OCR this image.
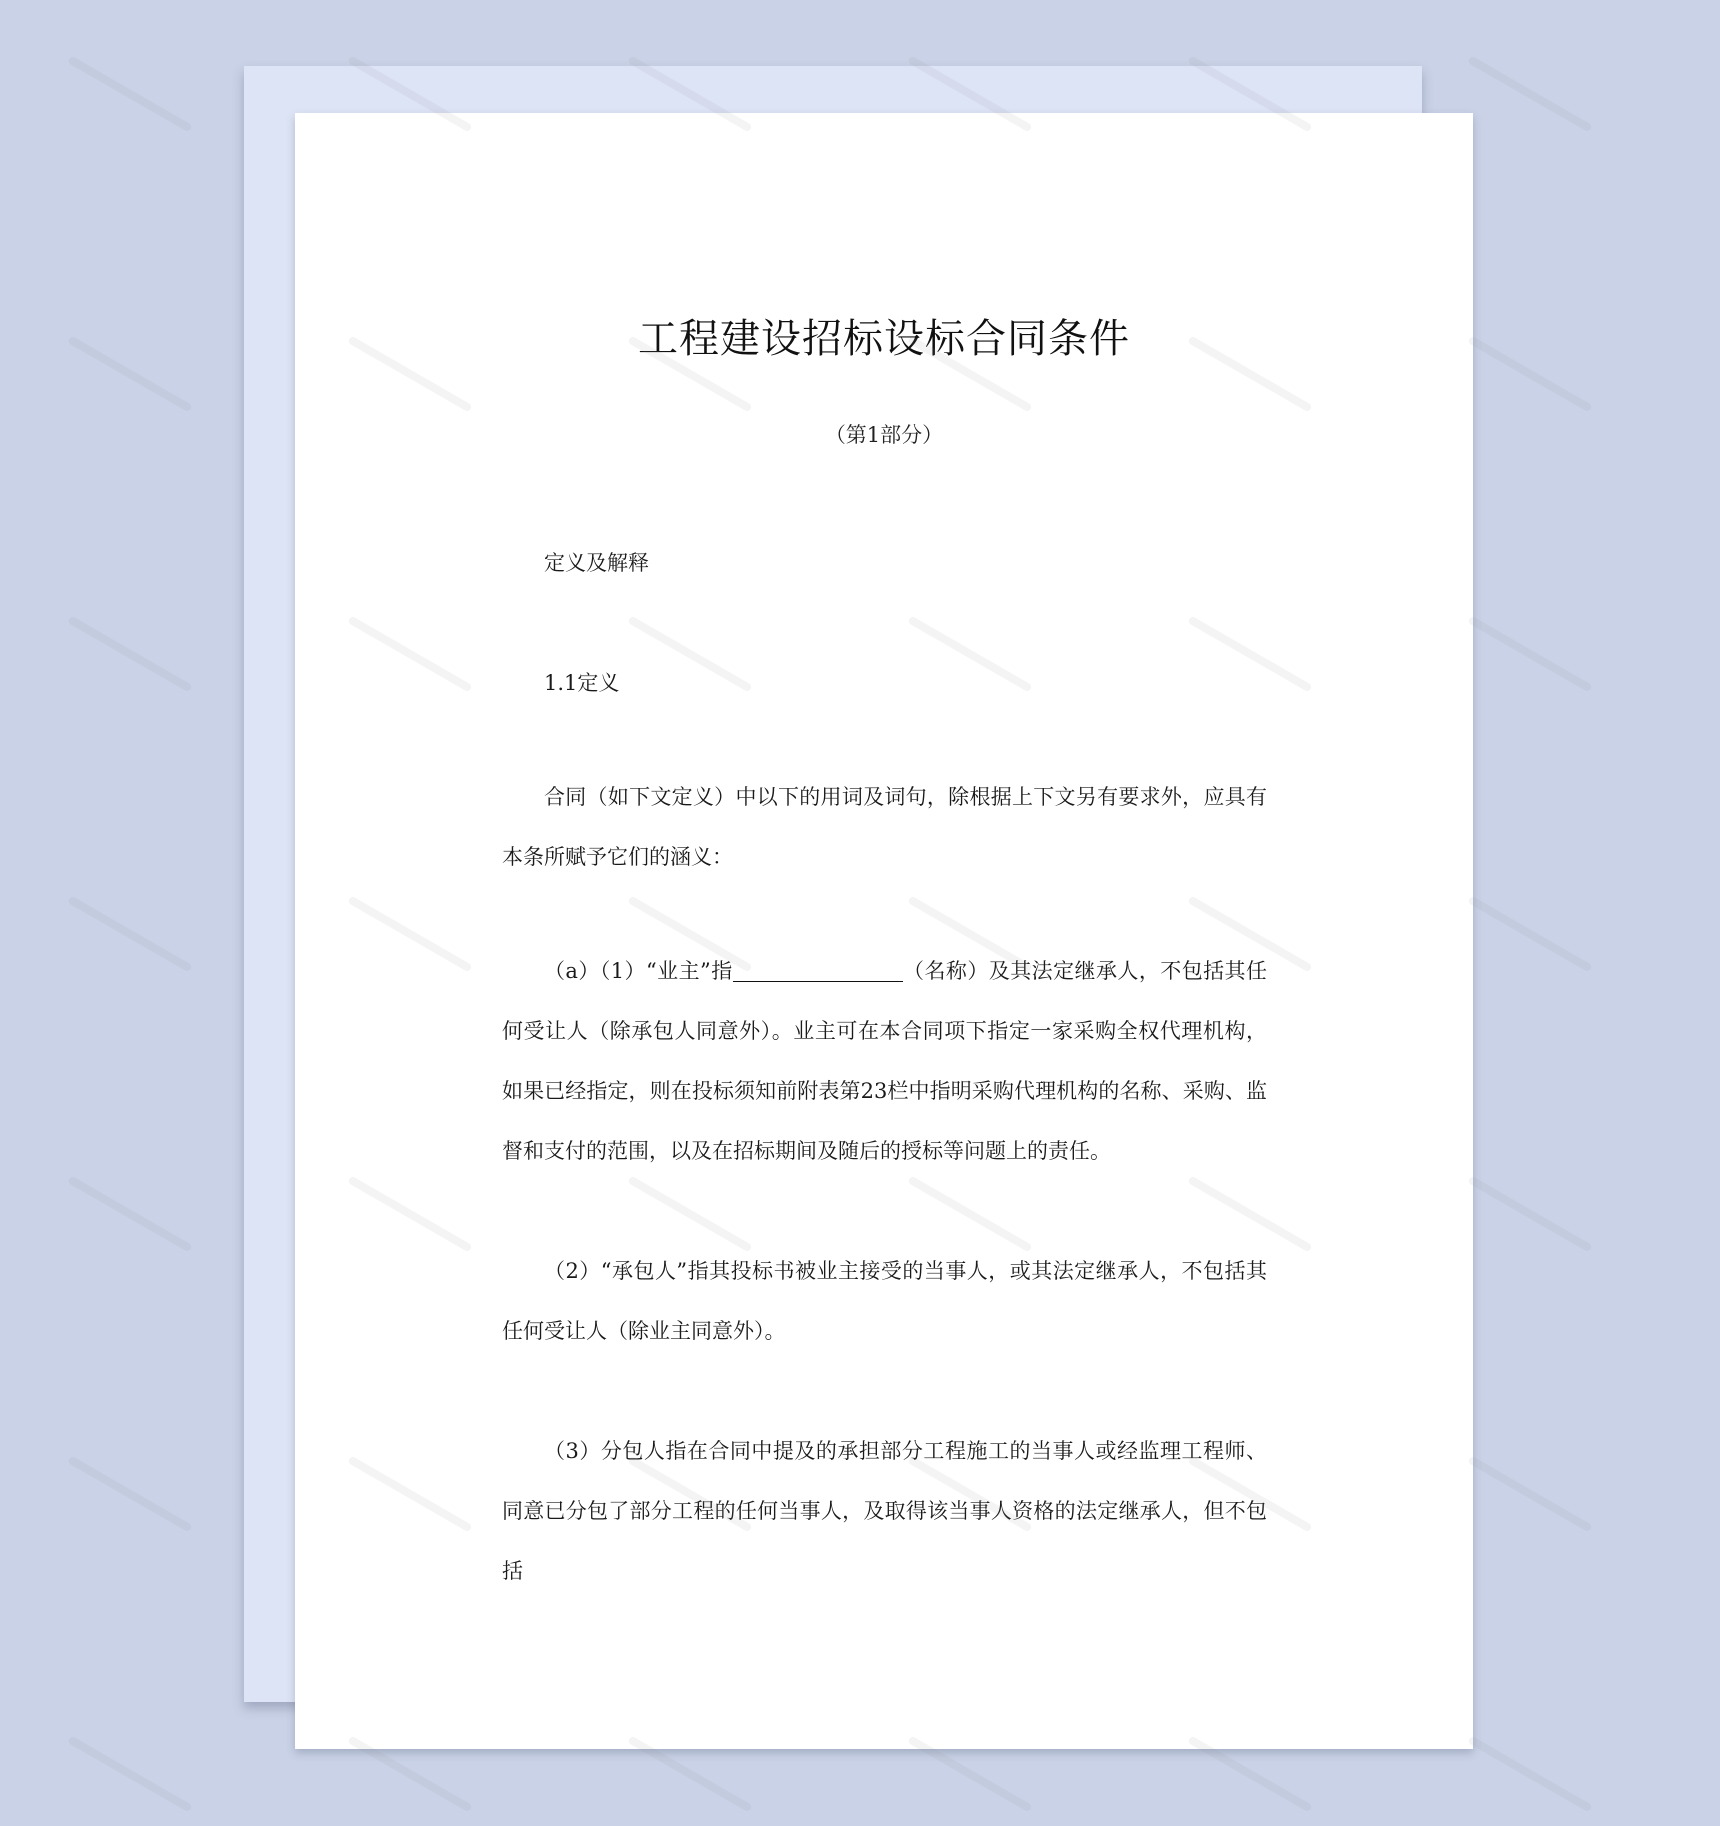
工程建设招标设标合同条件
（第1部分）

定义及解释

1.1定义

合同（如下文定义）中以下的用词及词句，除根据上下文另有要求外，应具有本条所赋予它们的涵义：

（a）（1）“业主”指	（名称）及其法定继承人，不包括其任何受让人（除承包人同意外）。业主可在本合同项下指定一家采购全权代理机构，如果已经指定，则在投标须知前附表第23栏中指明采购代理机构的名称、采购、监督和支付的范围，以及在招标期间及随后的授标等问题上的责任。

（2）“承包人”指其投标书被业主接受的当事人，或其法定继承人，不包括其任何受让人（除业主同意外）。

（3）分包人指在合同中提及的承担部分工程施工的当事人或经监理工程师、同意已分包了部分工程的任何当事人，及取得该当事人资格的法定继承人，但不包括
